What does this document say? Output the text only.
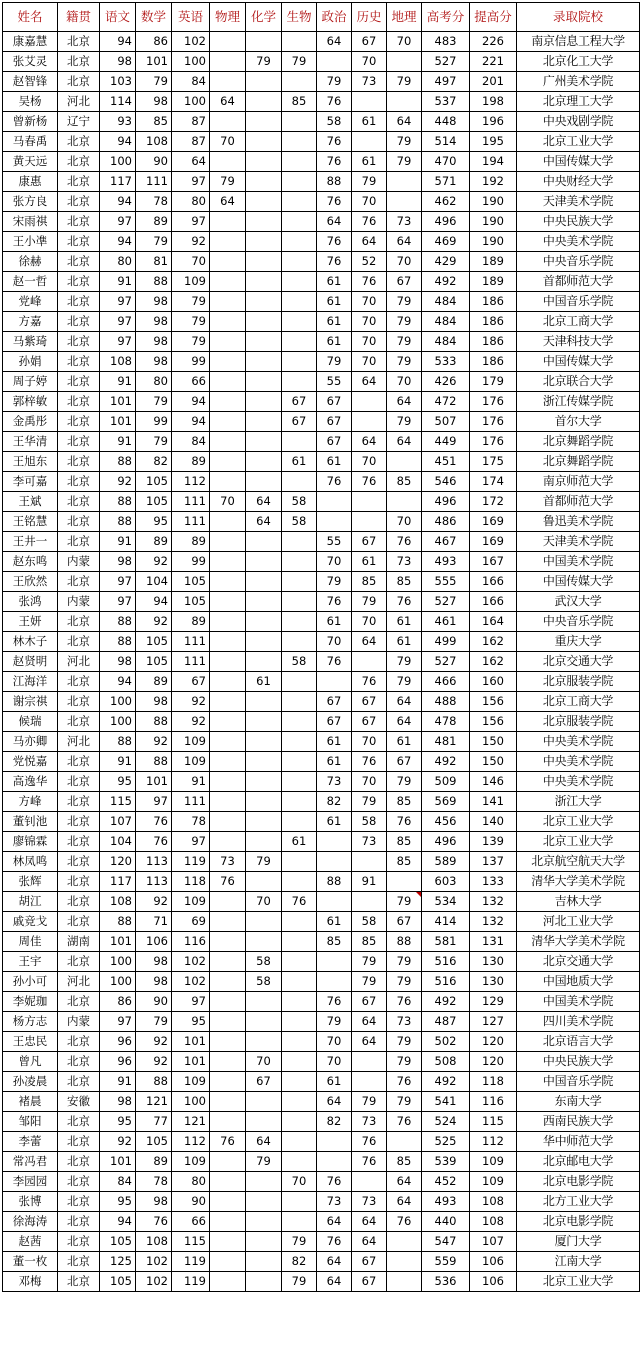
姓名	籍贯	语文	数学	英语	物理	化学	生物	政治	历史	地理	高考分	提高分	录取院校
康嘉慧	北京	94	86	102				64	67	70	483	226	南京信息工程大学
张艾灵	北京	98	101	100		79	79		70		527	221	北京化工大学
赵智锋	北京	103	79	84				79	73	79	497	201	广州美术学院
吴杨	河北	114	98	100	64		85	76			537	198	北京理工大学
曾新杨	辽宁	93	85	87				58	61	64	448	196	中央戏剧学院
马春禹	北京	94	108	87	70			76		79	514	195	北京工业大学
黄天远	北京	100	90	64				76	61	79	470	194	中国传媒大学
康惠	北京	117	111	97	79			88	79		571	192	中央财经大学
张方良	北京	94	78	80	64			76	70		462	190	天津美术学院
宋雨祺	北京	97	89	97				64	76	73	496	190	中央民族大学
王小凖	北京	94	79	92				76	64	64	469	190	中央美术学院
徐赫	北京	80	81	70				76	52	70	429	189	中央音乐学院
赵一哲	北京	91	88	109				61	76	67	492	189	首都师范大学
党峰	北京	97	98	79				61	70	79	484	186	中国音乐学院
方嘉	北京	97	98	79				61	70	79	484	186	北京工商大学
马紫琦	北京	97	98	79				61	70	79	484	186	天津科技大学
孙娟	北京	108	98	99				79	70	79	533	186	中国传媒大学
周子婷	北京	91	80	66				55	64	70	426	179	北京联合大学
郭梓敏	北京	101	79	94			67	67		64	472	176	浙江传媒学院
金禹彤	北京	101	99	94			67	67		79	507	176	首尔大学
王华清	北京	91	79	84				67	64	64	449	176	北京舞蹈学院
王旭东	北京	88	82	89			61	61	70		451	175	北京舞蹈学院
李可嘉	北京	92	105	112				76	76	85	546	174	南京师范大学
王斌	北京	88	105	111	70	64	58				496	172	首都师范大学
王铭慧	北京	88	95	111		64	58			70	486	169	鲁迅美术学院
王井一	北京	91	89	89				55	67	76	467	169	天津美术学院
赵东鸣	内蒙	98	92	99				70	61	73	493	167	中国美术学院
王欣然	北京	97	104	105				79	85	85	555	166	中国传媒大学
张鸿	内蒙	97	94	105				76	79	76	527	166	武汉大学
王妍	北京	88	92	89				61	70	61	461	164	中央音乐学院
林木子	北京	88	105	111				70	64	61	499	162	重庆大学
赵贤明	河北	98	105	111			58	76		79	527	162	北京交通大学
江海洋	北京	94	89	67		61			76	79	466	160	北京服装学院
谢宗祺	北京	100	98	92				67	67	64	488	156	北京工商大学
候瑞	北京	100	88	92				67	67	64	478	156	北京服装学院
马亦卿	河北	88	92	109				61	70	61	481	150	中央美术学院
党悦嘉	北京	91	88	109				61	76	67	492	150	中央美术学院
高逸华	北京	95	101	91				73	70	79	509	146	中央美术学院
方峰	北京	115	97	111				82	79	85	569	141	浙江大学
董钊池	北京	107	76	78				61	58	76	456	140	北京工业大学
廖锦霖	北京	104	76	97			61		73	85	496	139	北京工业大学
林凤鸣	北京	120	113	119	73	79				85	589	137	北京航空航天大学
张辉	北京	117	113	118	76			88	91		603	133	清华大学美术学院
胡江	北京	108	92	109		70	76			79	534	132	吉林大学
戚竞戈	北京	88	71	69				61	58	67	414	132	河北工业大学
周佳	湖南	101	106	116				85	85	88	581	131	清华大学美术学院
王宇	北京	100	98	102		58			79	79	516	130	北京交通大学
孙小可	河北	100	98	102		58			79	79	516	130	中国地质大学
李妮珈	北京	86	90	97				76	67	76	492	129	中国美术学院
杨方志	内蒙	97	79	95				79	64	73	487	127	四川美术学院
王忠民	北京	96	92	101				70	64	79	502	120	北京语言大学
曾凡	北京	96	92	101		70		70		79	508	120	中央民族大学
孙凌晨	北京	91	88	109		67		61		76	492	118	中国音乐学院
褚晨	安徽	98	121	100				64	79	79	541	116	东南大学
邹阳	北京	95	77	121				82	73	76	524	115	西南民族大学
李蕾	北京	92	105	112	76	64			76		525	112	华中师范大学
常冯君	北京	101	89	109		79			76	85	539	109	北京邮电大学
李园园	北京	84	78	80			70	76		64	452	109	北京电影学院
张博	北京	95	98	90				73	73	64	493	108	北方工业大学
徐海涛	北京	94	76	66				64	64	76	440	108	北京电影学院
赵茜	北京	105	108	115			79	76	64		547	107	厦门大学
董一枚	北京	125	102	119			82	64	67		559	106	江南大学
邓梅	北京	105	102	119			79	64	67		536	106	北京工业大学
